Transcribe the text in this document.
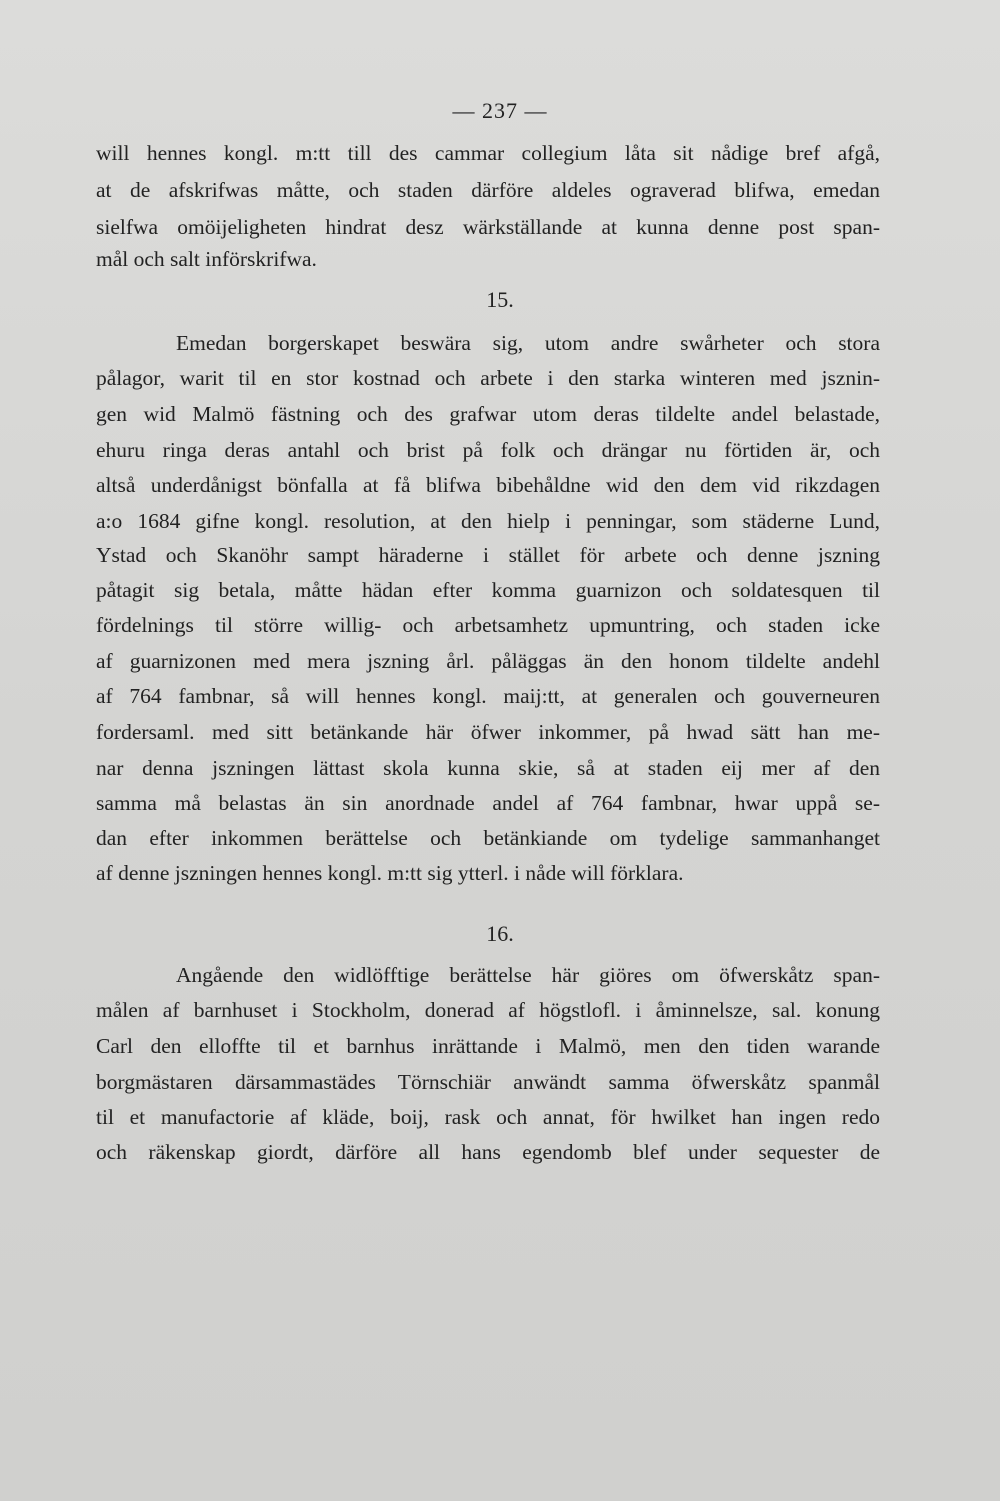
— 237 —
will hennes kongl. m:tt till des cammar collegium låta sit nådige bref afgå,
at de afskrifwas måtte, och staden därföre aldeles ograverad blifwa, emedan
sielfwa omöijeligheten hindrat desz wärkställande at kunna denne post span-
mål och salt införskrifwa.
15.
Emedan borgerskapet beswära sig, utom andre swårheter och stora
pålagor, warit til en stor kostnad och arbete i den starka winteren med jsznin-
gen wid Malmö fästning och des grafwar utom deras tildelte andel belastade,
ehuru ringa deras antahl och brist på folk och drängar nu förtiden är, och
altså underdånigst bönfalla at få blifwa bibehåldne wid den dem vid rikzdagen
a:o 1684 gifne kongl. resolution, at den hielp i penningar, som städerne Lund,
Ystad och Skanöhr sampt häraderne i stället för arbete och denne jszning
påtagit sig betala, måtte hädan efter komma guarnizon och soldatesquen til
fördelnings til större willig- och arbetsamhetz upmuntring, och staden icke
af guarnizonen med mera jszning årl. påläggas än den honom tildelte andehl
af 764 fambnar, så will hennes kongl. maij:tt, at generalen och gouverneuren
fordersaml. med sitt betänkande här öfwer inkommer, på hwad sätt han me-
nar denna jszningen lättast skola kunna skie, så at staden eij mer af den
samma må belastas än sin anordnade andel af 764 fambnar, hwar uppå se-
dan efter inkommen berättelse och betänkiande om tydelige sammanhanget
af denne jszningen hennes kongl. m:tt sig ytterl. i nåde will förklara.
16.
Angående den widlöfftige berättelse här giöres om öfwerskåtz span-
målen af barnhuset i Stockholm, donerad af högstlofl. i åminnelsze, sal. konung
Carl den elloffte til et barnhus inrättande i Malmö, men den tiden warande
borgmästaren därsammastädes Törnschiär anwändt samma öfwerskåtz spanmål
til et manufactorie af kläde, boij, rask och annat, för hwilket han ingen redo
och räkenskap giordt, därföre all hans egendomb blef under sequester de
